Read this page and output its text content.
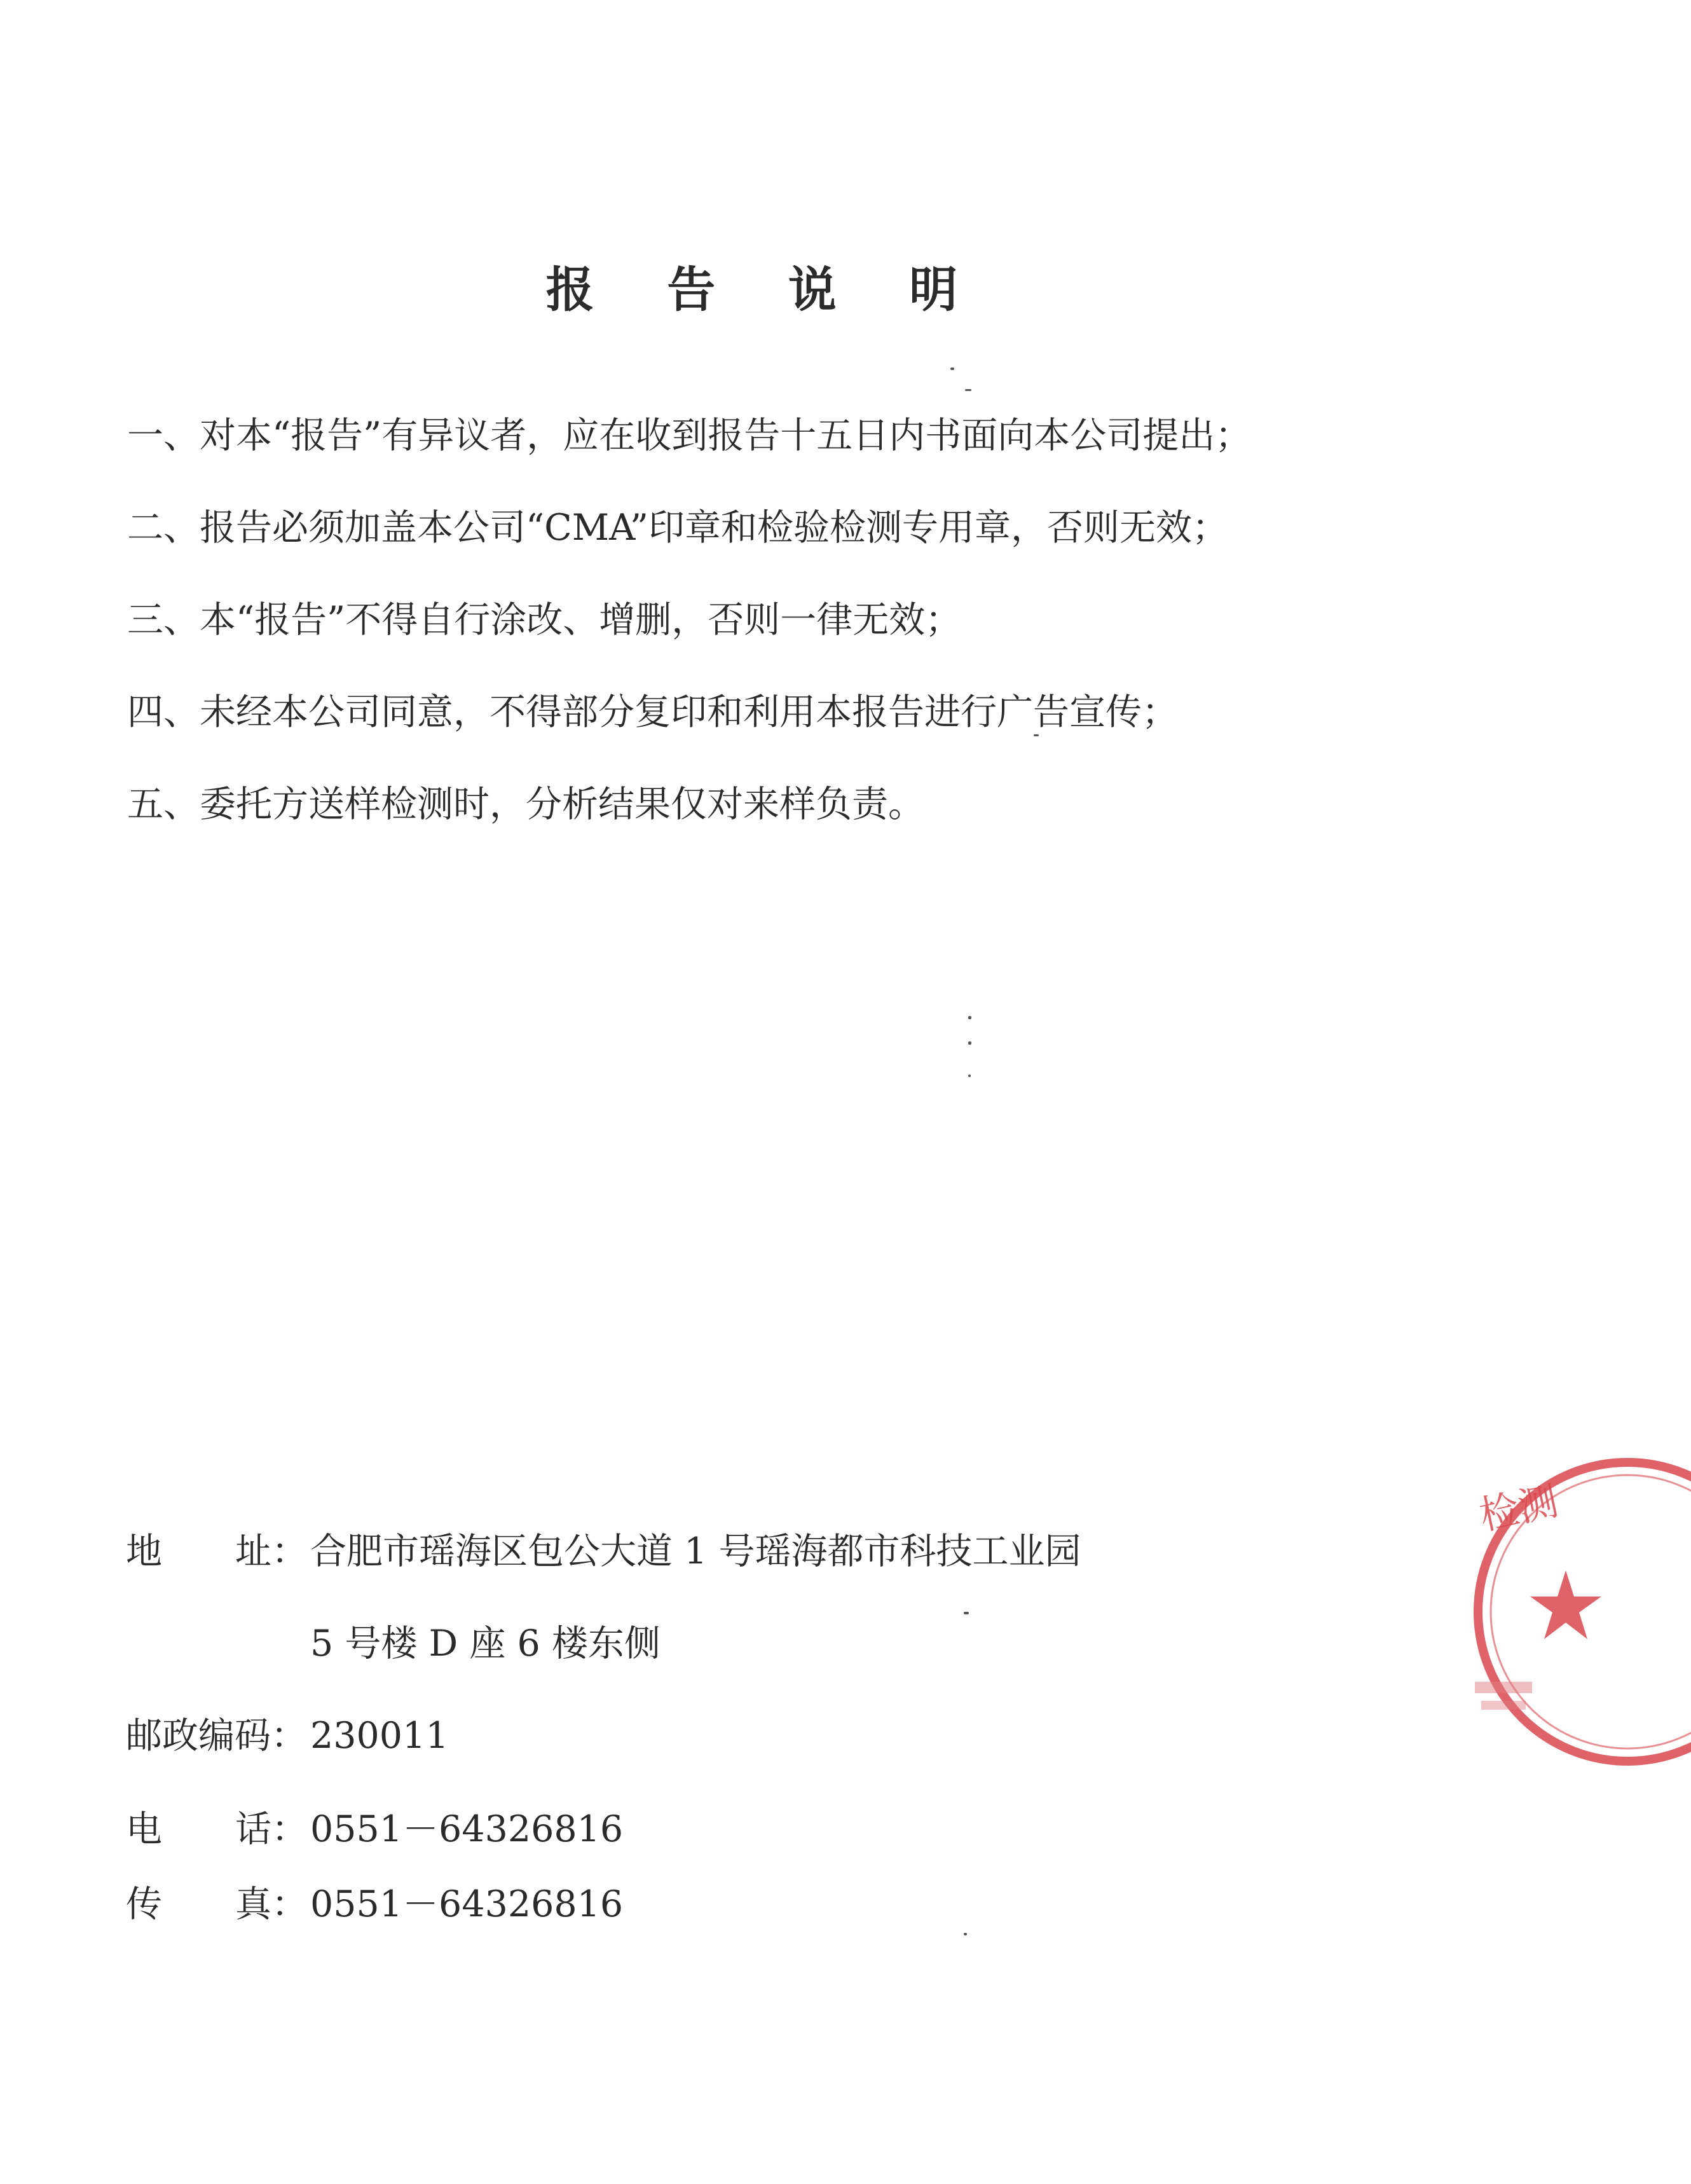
报 告 说 明
一、对本“报告”有异议者，应在收到报告十五日内书面向本公司提出；
二、报告必须加盖本公司“CMA”印章和检验检测专用章，否则无效；
三、本“报告”不得自行涂改、增删，否则一律无效；
四、未经本公司同意，不得部分复印和利用本报告进行广告宣传；
五、委托方送样检测时，分析结果仅对来样负责。
地 址： 合肥市瑶海区包公大道 1 号瑶海都市科技工业园
5 号楼 D 座 6 楼东侧
邮政编码： 230011
电 话： 0551－64326816
传 真： 0551－64326816
检测
